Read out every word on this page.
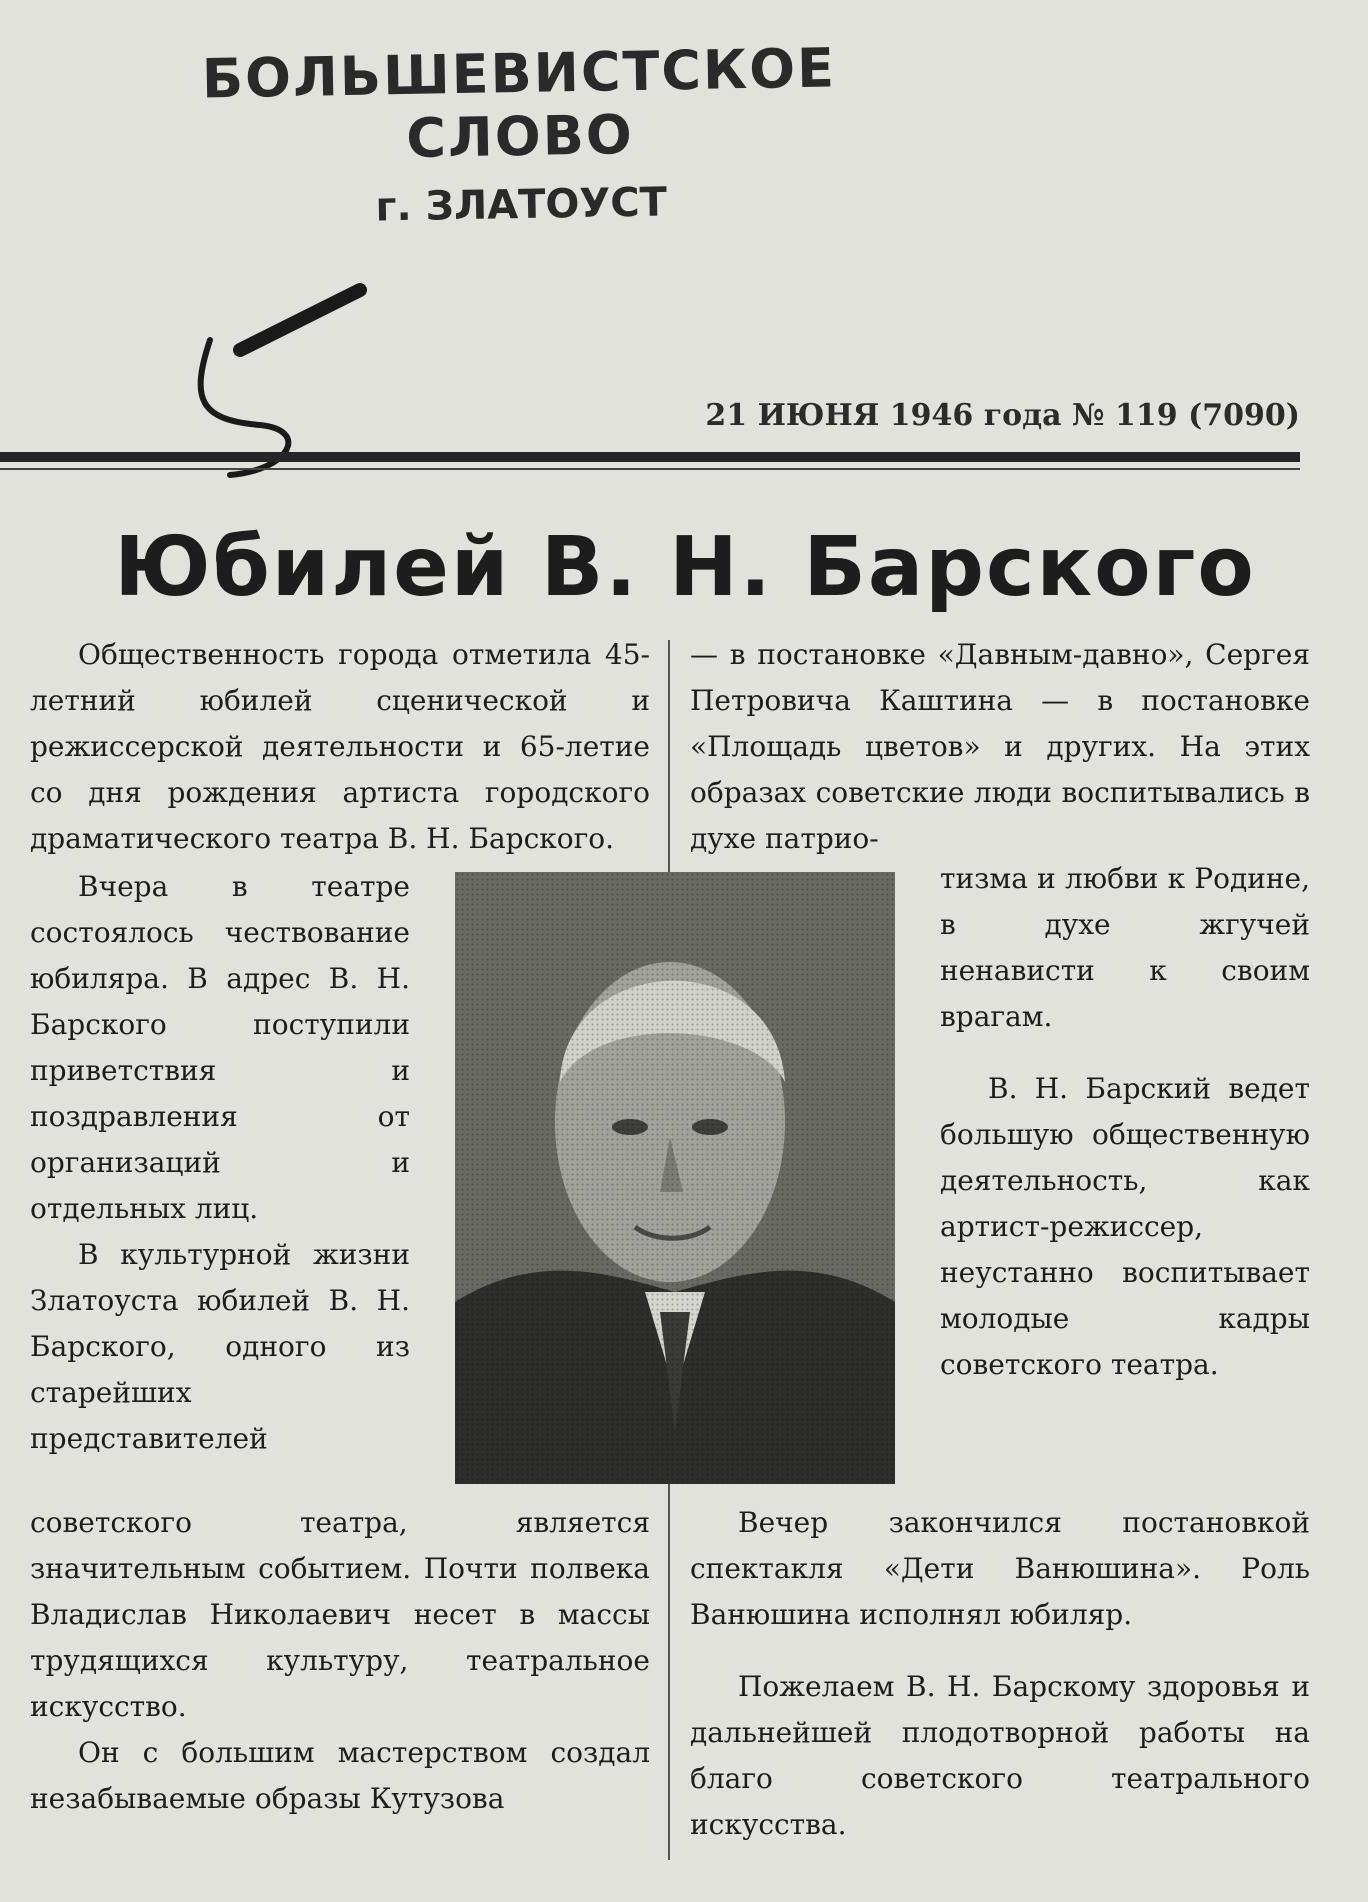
БОЛЬШЕВИСТСКОЕ СЛОВО
г. ЗЛАТОУСТ
21 ИЮНЯ 1946 года № 119 (7090)
Юбилей В. Н. Барского

Общественность города отметила 45-летний юбилей сценической и режиссерской деятельности и 65-летие со дня рождения артиста городского драматического театра В. Н. Барского.

Вчера в театре состоялось чествование юбиляра. В адрес В. Н. Барского поступили приветствия и поздравления от организаций и отдельных лиц.

В культурной жизни Златоуста юбилей В. Н. Барского, одного из старейших представителей

советского театра, является значительным событием. Почти полвека Владислав Николаевич несет в массы трудящихся культуру, театральное искусство.

Он с большим мастерством создал незабываемые образы Кутузова

— в постановке «Давным-давно», Сергея Петровича Каштина — в постановке «Площадь цветов» и других. На этих образах советские люди воспитывались в духе патрио-

тизма и любви к Родине, в духе жгучей ненависти к своим врагам.

В. Н. Барский ведет большую общественную деятельность, как артист-режиссер, неустанно воспитывает молодые кадры советского театра.

Вечер закончился постановкой спектакля «Дети Ванюшина». Роль Ванюшина исполнял юбиляр.

Пожелаем В. Н. Барскому здоровья и дальнейшей плодотворной работы на благо советского театрального искусства.
